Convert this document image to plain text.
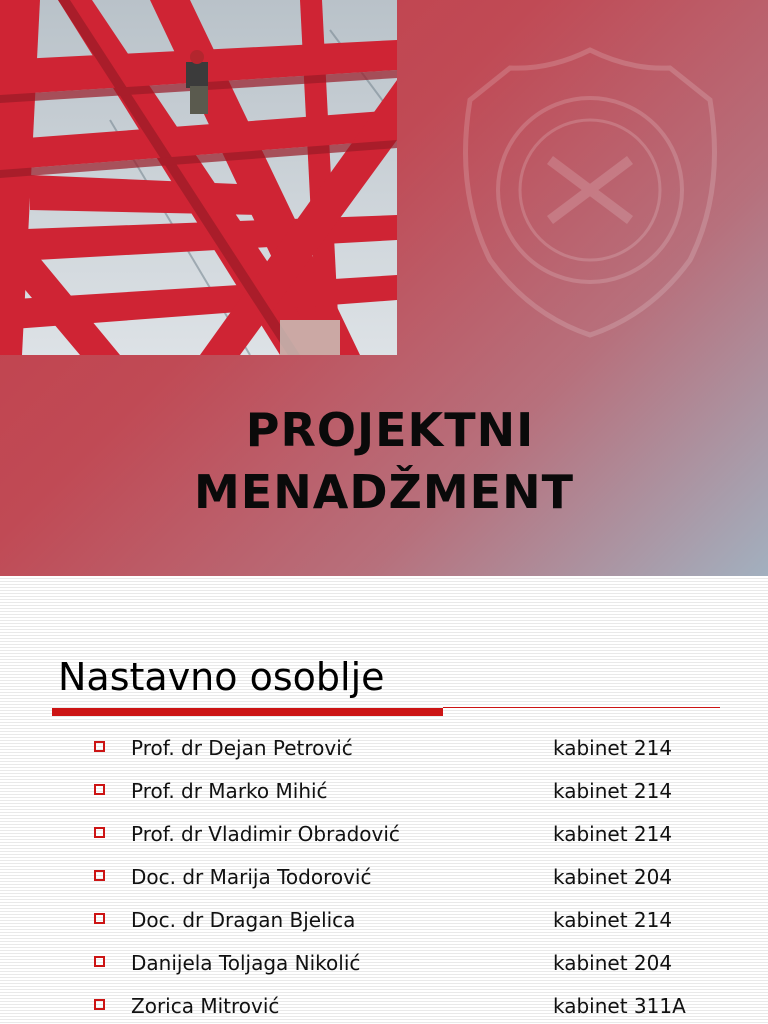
PROJEKTNI
MENADŽMENT
Nastavno osoblje
Prof. dr Dejan Petrović	kabinet 214
Prof. dr Marko Mihić	kabinet 214
Prof. dr Vladimir Obradović	kabinet 214
Doc. dr Marija Todorović	kabinet 204
Doc. dr Dragan Bjelica	kabinet 214
Danijela Toljaga Nikolić	kabinet 204
Zorica Mitrović	kabinet 311A
